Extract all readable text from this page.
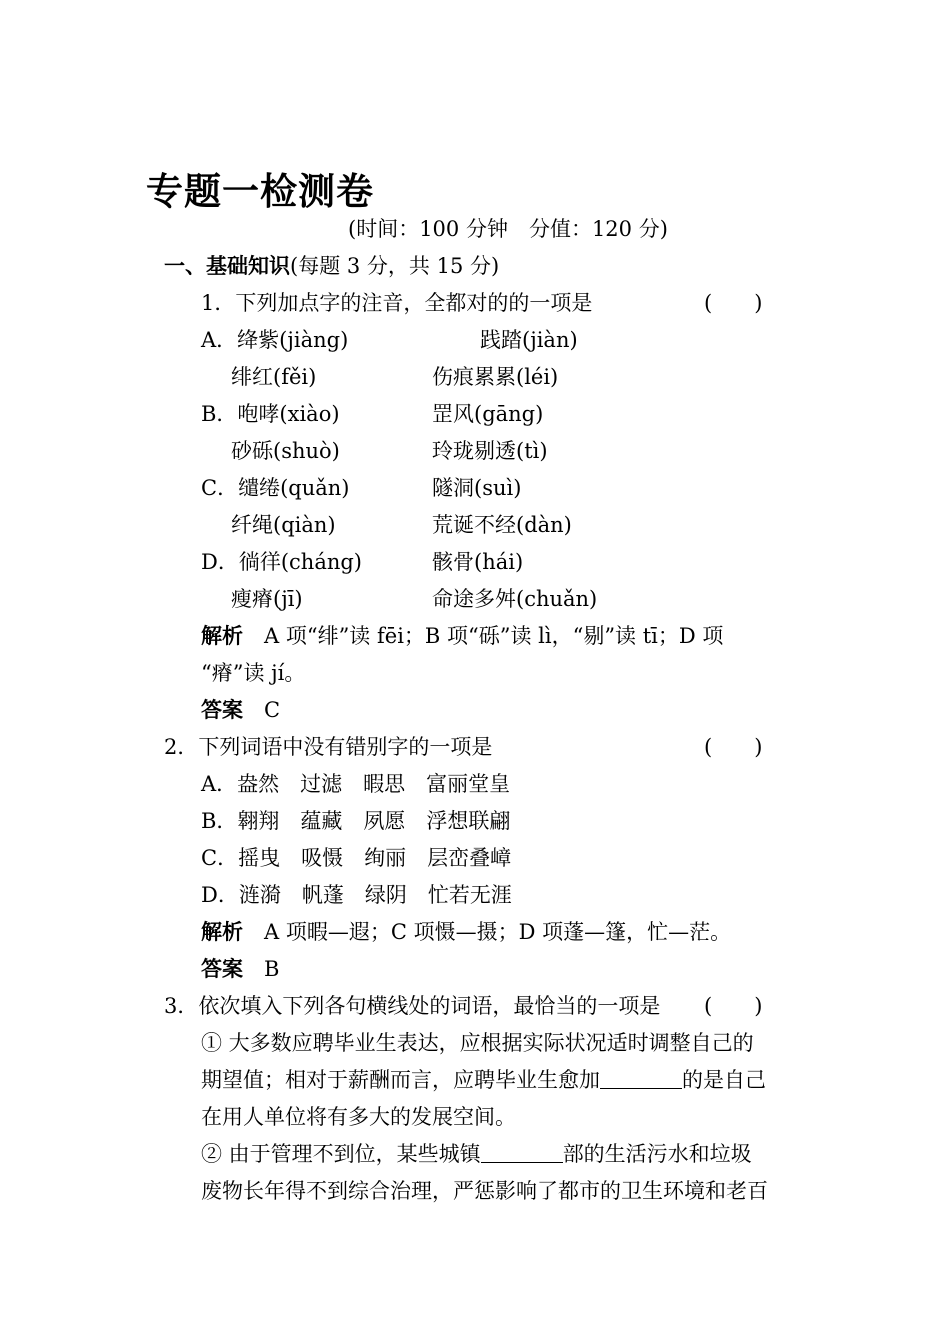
专题一检测卷
(时间：100 分钟　分值：120 分)
一、基础知识(每题 3 分，共 15 分)
1．下列加点字的注音，全都对的的一项是	(　　)
A．绛紫(jiàng)	践踏(jiàn)
绯红(fěi)	伤痕累累(léi)
B．咆哮(xiào)	罡风(gāng)
砂砾(shuò)	玲珑剔透(tì)
C．缱绻(quǎn)	隧洞(suì)
纤绳(qiàn)	荒诞不经(dàn)
D．徜徉(cháng)	骸骨(hái)
瘦瘠(jī)	命途多舛(chuǎn)
解析　 A 项“绯”读 fēi；B 项“砾”读 lì，“剔”读 tī；D 项
“瘠”读 jí。
答案　 C
2．下列词语中没有错别字的一项是	(　　)
A．盎然　过滤　暇思　富丽堂皇
B．翱翔　蕴藏　夙愿　浮想联翩
C．摇曳　吸慑　绚丽　层峦叠嶂
D．涟漪　帆蓬　绿阴　忙若无涯
解析　 A 项暇—遐；C 项慑—摄；D 项蓬—篷，忙—茫。
答案　 B
3．依次填入下列各句横线处的词语，最恰当的一项是 (　　)
① 大多数应聘毕业生表达，应根据实际状况适时调整自己的
期望值；相对于薪酬而言，应聘毕业生愈加	的是自己
在用人单位将有多大的发展空间。
② 由于管理不到位，某些城镇	部的生活污水和垃圾
废物长年得不到综合治理，严惩影响了都市的卫生环境和老百
